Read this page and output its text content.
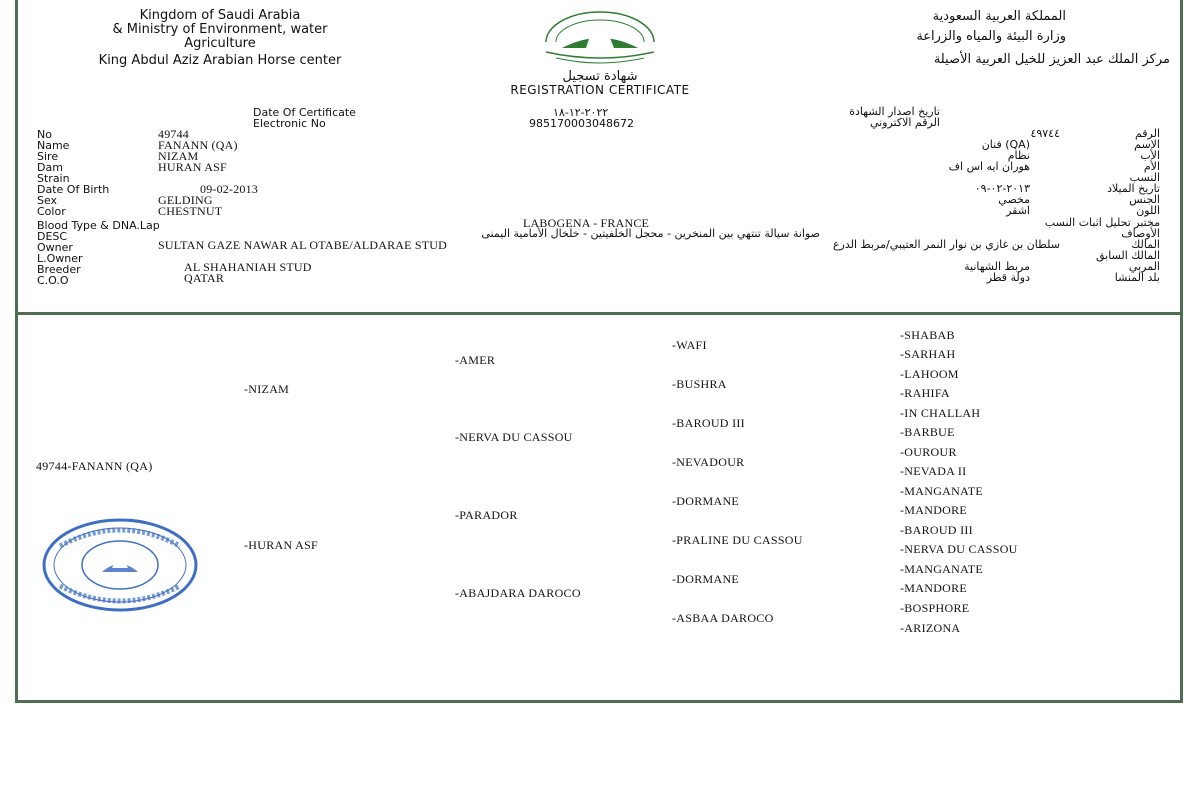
Kingdom of Saudi Arabia
& Ministry of Environment, water
Agriculture
King Abdul Aziz Arabian Horse center
المملكة العربية السعودية
وزارة البيئة والمياه والزراعة
مركز الملك عبد العزيز للخيل العربية الأصيلة
شهادة تسجيل
REGISTRATION CERTIFICATE
Date Of Certificate	٢٠٢٢-١٢-١٨	تاريخ اصدار الشهادة
Electronic No	985170003048672	الرقم الاكتروني
No	49744	٤٩٧٤٤	الرقم
Name	FANANN (QA)	(QA) فنان	الاسم
Sire	NIZAM	نظام	الأب
Dam	HURAN ASF	هوران ايه اس اف	الأم
Strain	النسب
Date Of Birth	09-02-2013	٢٠١٣-٠٢-٠٩	تاريخ الميلاد
Sex	GELDING	مخصي	الجنس
Color	CHESTNUT	اشقر	اللون
Blood Type & DNA.Lap	LABOGENA - FRANCE	مختبر تحليل اثبات النسب
DESC	صوانة سيالة تنتهي بين المنخرين - محجل الخلفيتين - خلخال الأمامية اليمنى	الأوصاف
Owner	SULTAN GAZE NAWAR AL OTABE/ALDARAE STUD	سلطان بن غازي بن نوار النمر العتيبي/مربط الدرع	المالك
L.Owner	المالك السابق
Breeder	AL SHAHANIAH STUD	مربط الشهانية	المربي
C.O.O	QATAR	دولة قطر	بلد المنشا
49744-FANANN (QA)
-NIZAM
-HURAN ASF
-AMER
-NERVA DU CASSOU
-PARADOR
-ABAJDARA DAROCO
-WAFI
-BUSHRA
-BAROUD III
-NEVADOUR
-DORMANE
-PRALINE DU CASSOU
-DORMANE
-ASBAA DAROCO
-SHABAB
-SARHAH
-LAHOOM
-RAHIFA
-IN CHALLAH
-BARBUE
-OUROUR
-NEVADA II
-MANGANATE
-MANDORE
-BAROUD III
-NERVA DU CASSOU
-MANGANATE
-MANDORE
-BOSPHORE
-ARIZONA
